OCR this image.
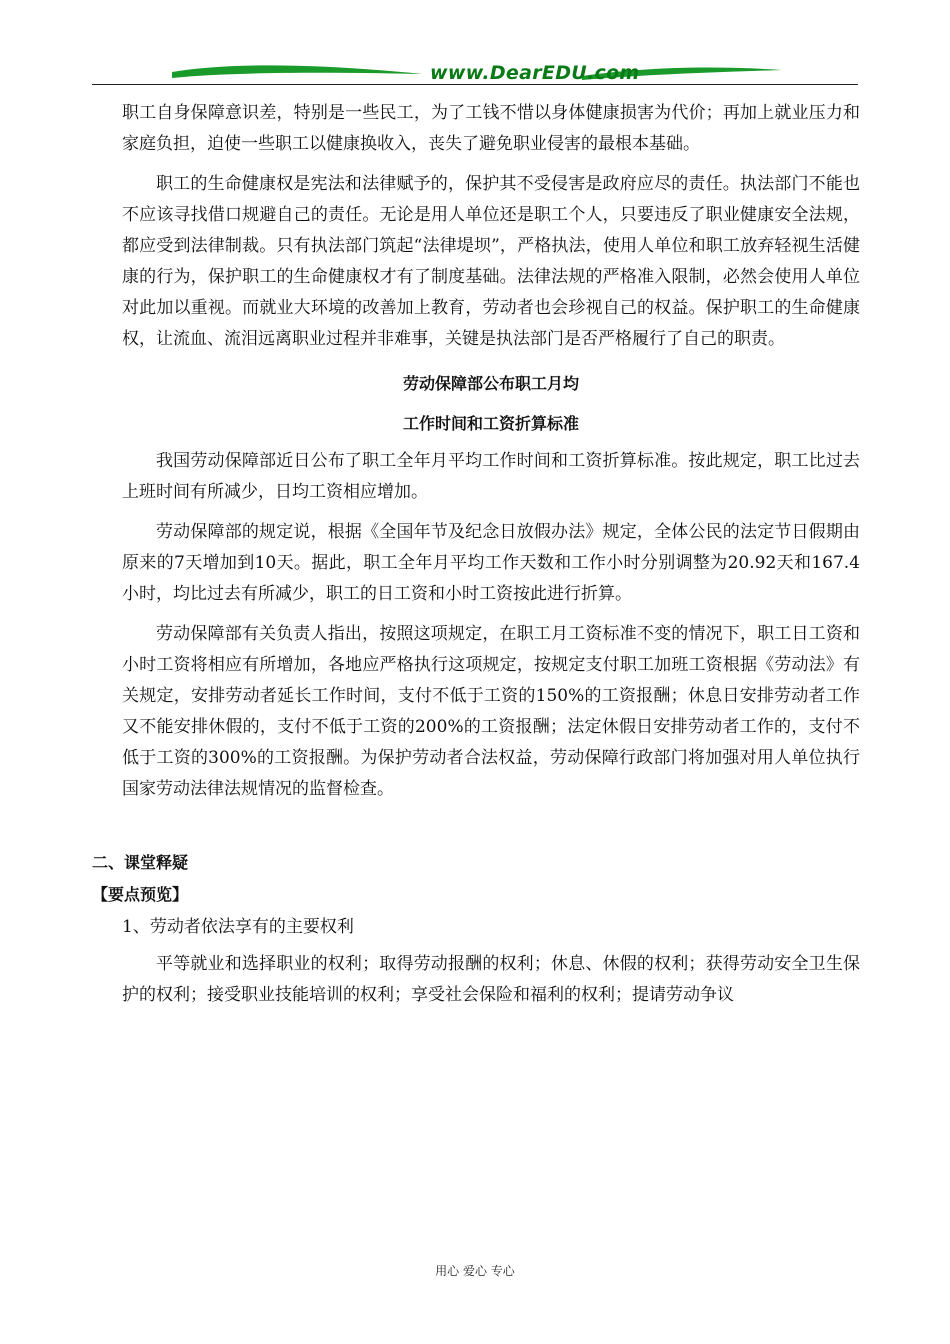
www.DearEDU.com

职工自身保障意识差，特别是一些民工，为了工钱不惜以身体健康损害为代价；再加上就业压力和家庭负担，迫使一些职工以健康换收入，丧失了避免职业侵害的最根本基础。

职工的生命健康权是宪法和法律赋予的，保护其不受侵害是政府应尽的责任。执法部门不能也不应该寻找借口规避自己的责任。无论是用人单位还是职工个人，只要违反了职业健康安全法规，都应受到法律制裁。只有执法部门筑起“法律堤坝”，严格执法，使用人单位和职工放弃轻视生活健康的行为，保护职工的生命健康权才有了制度基础。法律法规的严格准入限制，必然会使用人单位对此加以重视。而就业大环境的改善加上教育，劳动者也会珍视自己的权益。保护职工的生命健康权，让流血、流泪远离职业过程并非难事，关键是执法部门是否严格履行了自己的职责。

劳动保障部公布职工月均

工作时间和工资折算标准

我国劳动保障部近日公布了职工全年月平均工作时间和工资折算标准。按此规定，职工比过去上班时间有所减少，日均工资相应增加。

劳动保障部的规定说，根据《全国年节及纪念日放假办法》规定，全体公民的法定节日假期由原来的7天增加到10天。据此，职工全年月平均工作天数和工作小时分别调整为20.92天和167.4小时，均比过去有所减少，职工的日工资和小时工资按此进行折算。

劳动保障部有关负责人指出，按照这项规定，在职工月工资标准不变的情况下，职工日工资和小时工资将相应有所增加，各地应严格执行这项规定，按规定支付职工加班工资根据《劳动法》有关规定，安排劳动者延长工作时间，支付不低于工资的150%的工资报酬；休息日安排劳动者工作又不能安排休假的，支付不低于工资的200%的工资报酬；法定休假日安排劳动者工作的，支付不低于工资的300%的工资报酬。为保护劳动者合法权益，劳动保障行政部门将加强对用人单位执行国家劳动法律法规情况的监督检查。

二、课堂释疑

【要点预览】

1、劳动者依法享有的主要权利

平等就业和选择职业的权利；取得劳动报酬的权利；休息、休假的权利；获得劳动安全卫生保护的权利；接受职业技能培训的权利；享受社会保险和福利的权利；提请劳动争议

用心 爱心 专心
